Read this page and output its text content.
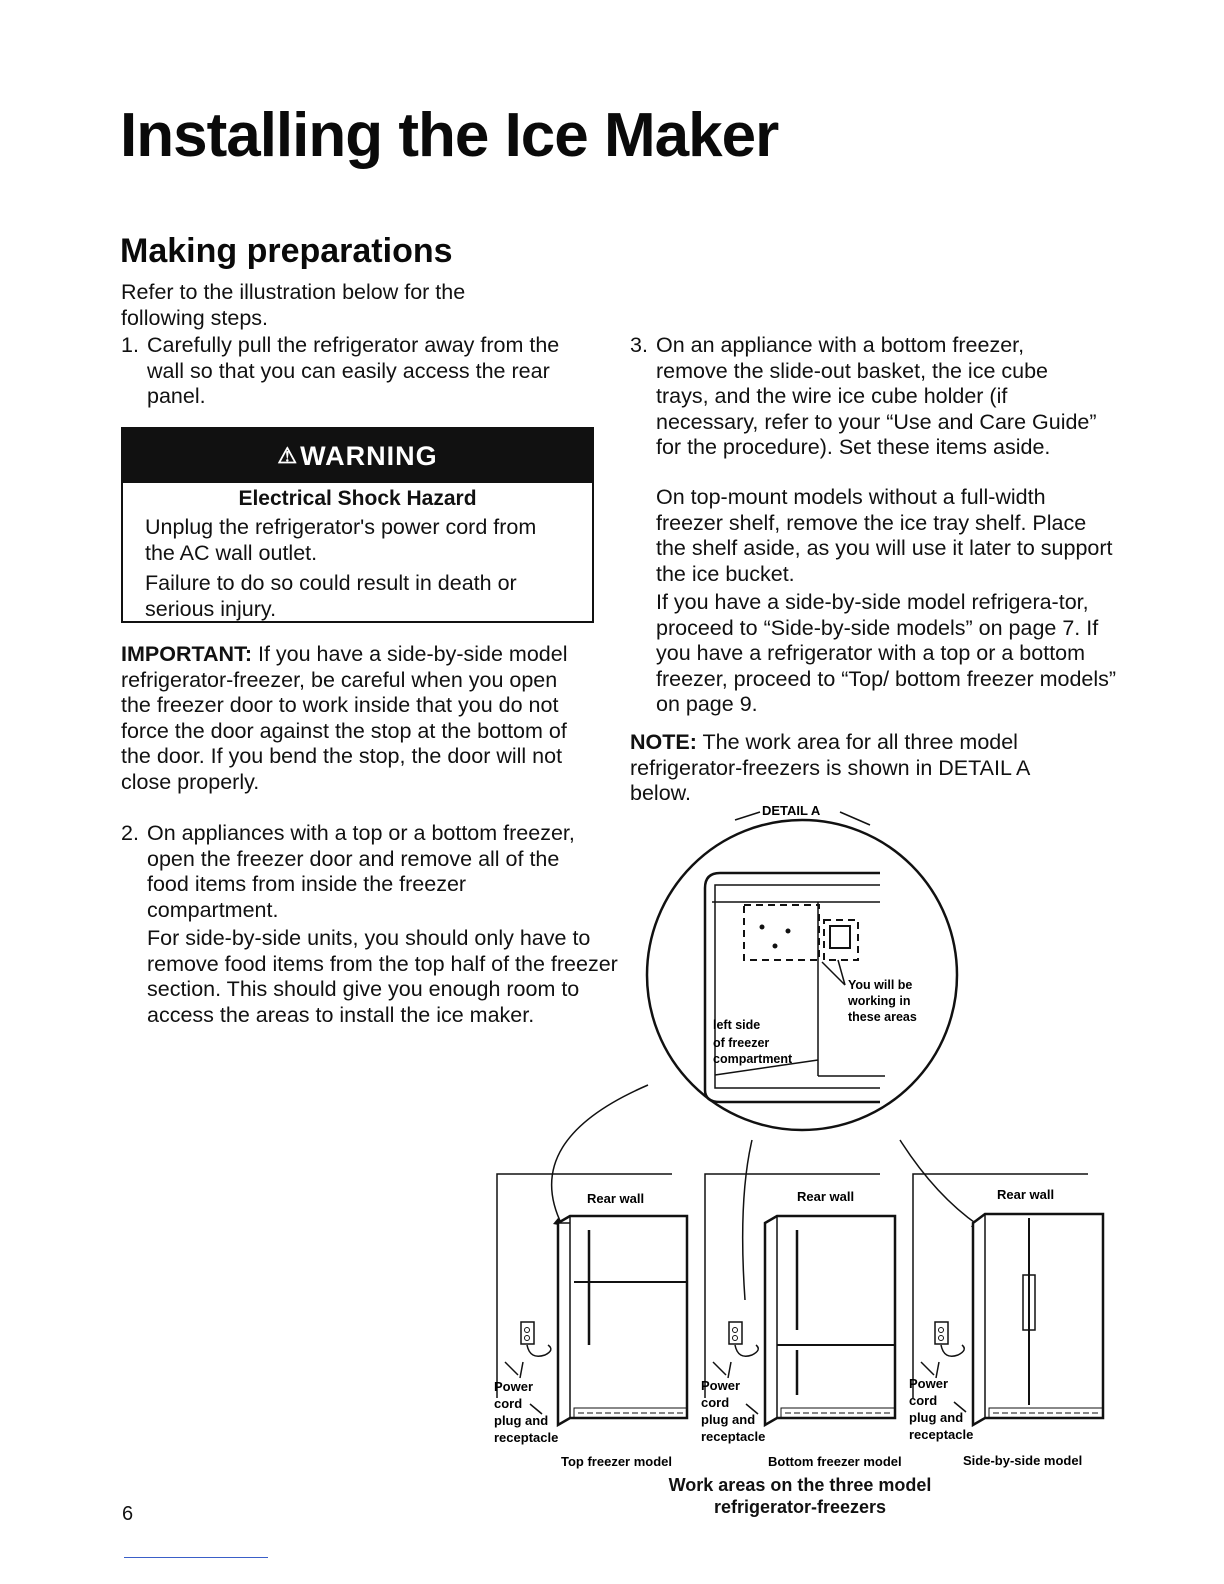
Installing the Ice Maker
Making preparations

Refer to the illustration below for the following steps.

1. Carefully pull the refrigerator away from the wall so that you can easily access the rear panel.
⚠ WARNING
Electrical Shock Hazard

Unplug the refrigerator's power cord from the AC wall outlet.

Failure to do so could result in death or serious injury.

IMPORTANT: If you have a side-by-side model refrigerator-freezer, be careful when you open the freezer door to work inside that you do not force the door against the stop at the bottom of the door. If you bend the stop, the door will not close properly.
2. On appliances with a top or a bottom freezer, open the freezer door and remove all of the food items from inside the freezer compartment.
For side-by-side units, you should only have to remove food items from the top half of the freezer section. This should give you enough room to access the areas to install the ice maker.
3. On an appliance with a bottom freezer, remove the slide-out basket, the ice cube trays, and the wire ice cube holder (if necessary, refer to your “Use and Care Guide” for the procedure). Set these items aside.
On top-mount models without a full-width freezer shelf, remove the ice tray shelf. Place the shelf aside, as you will use it later to support the ice bucket.
If you have a side-by-side model refrigera-tor, proceed to “Side-by-side models” on page 7. If you have a refrigerator with a top or a bottom freezer, proceed to “Top/ bottom freezer models” on page 9.
NOTE: The work area for all three model refrigerator-freezers is shown in DETAIL A below.
DETAIL A
You will be working in these areas
left side of freezer compartment
Rear wall	Rear wall	Rear wall
Power cord plug and receptacle
Power cord plug and receptacle
Power cord plug and receptacle
Top freezer model	Bottom freezer model	Side-by-side model
Work areas on the three model
refrigerator-freezers
6
